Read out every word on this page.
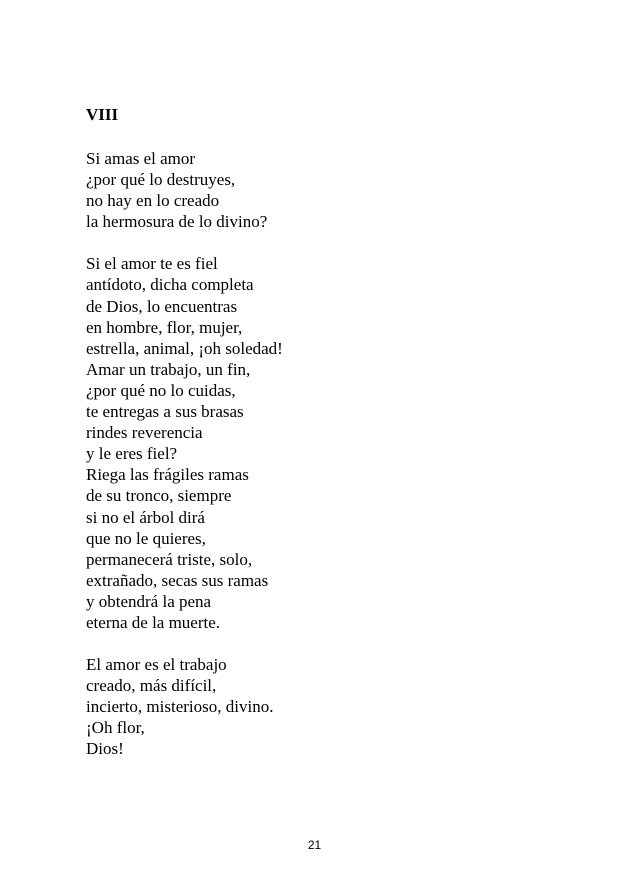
VIII
Si amas el amor
¿por qué lo destruyes,
no hay en lo creado
la hermosura de lo divino?
Si el amor te es fiel
antídoto, dicha completa
de Dios, lo encuentras
en hombre, flor, mujer,
estrella, animal, ¡oh soledad!
Amar un trabajo, un fin,
¿por qué no lo cuidas,
te entregas a sus brasas
rindes reverencia
y le eres fiel?
Riega las frágiles ramas
de su tronco, siempre
si no el árbol dirá
que no le quieres,
permanecerá triste, solo,
extrañado, secas sus ramas
y obtendrá la pena
eterna de la muerte.
El amor es el trabajo
creado, más difícil,
incierto, misterioso, divino.
¡Oh flor,
Dios!
21
